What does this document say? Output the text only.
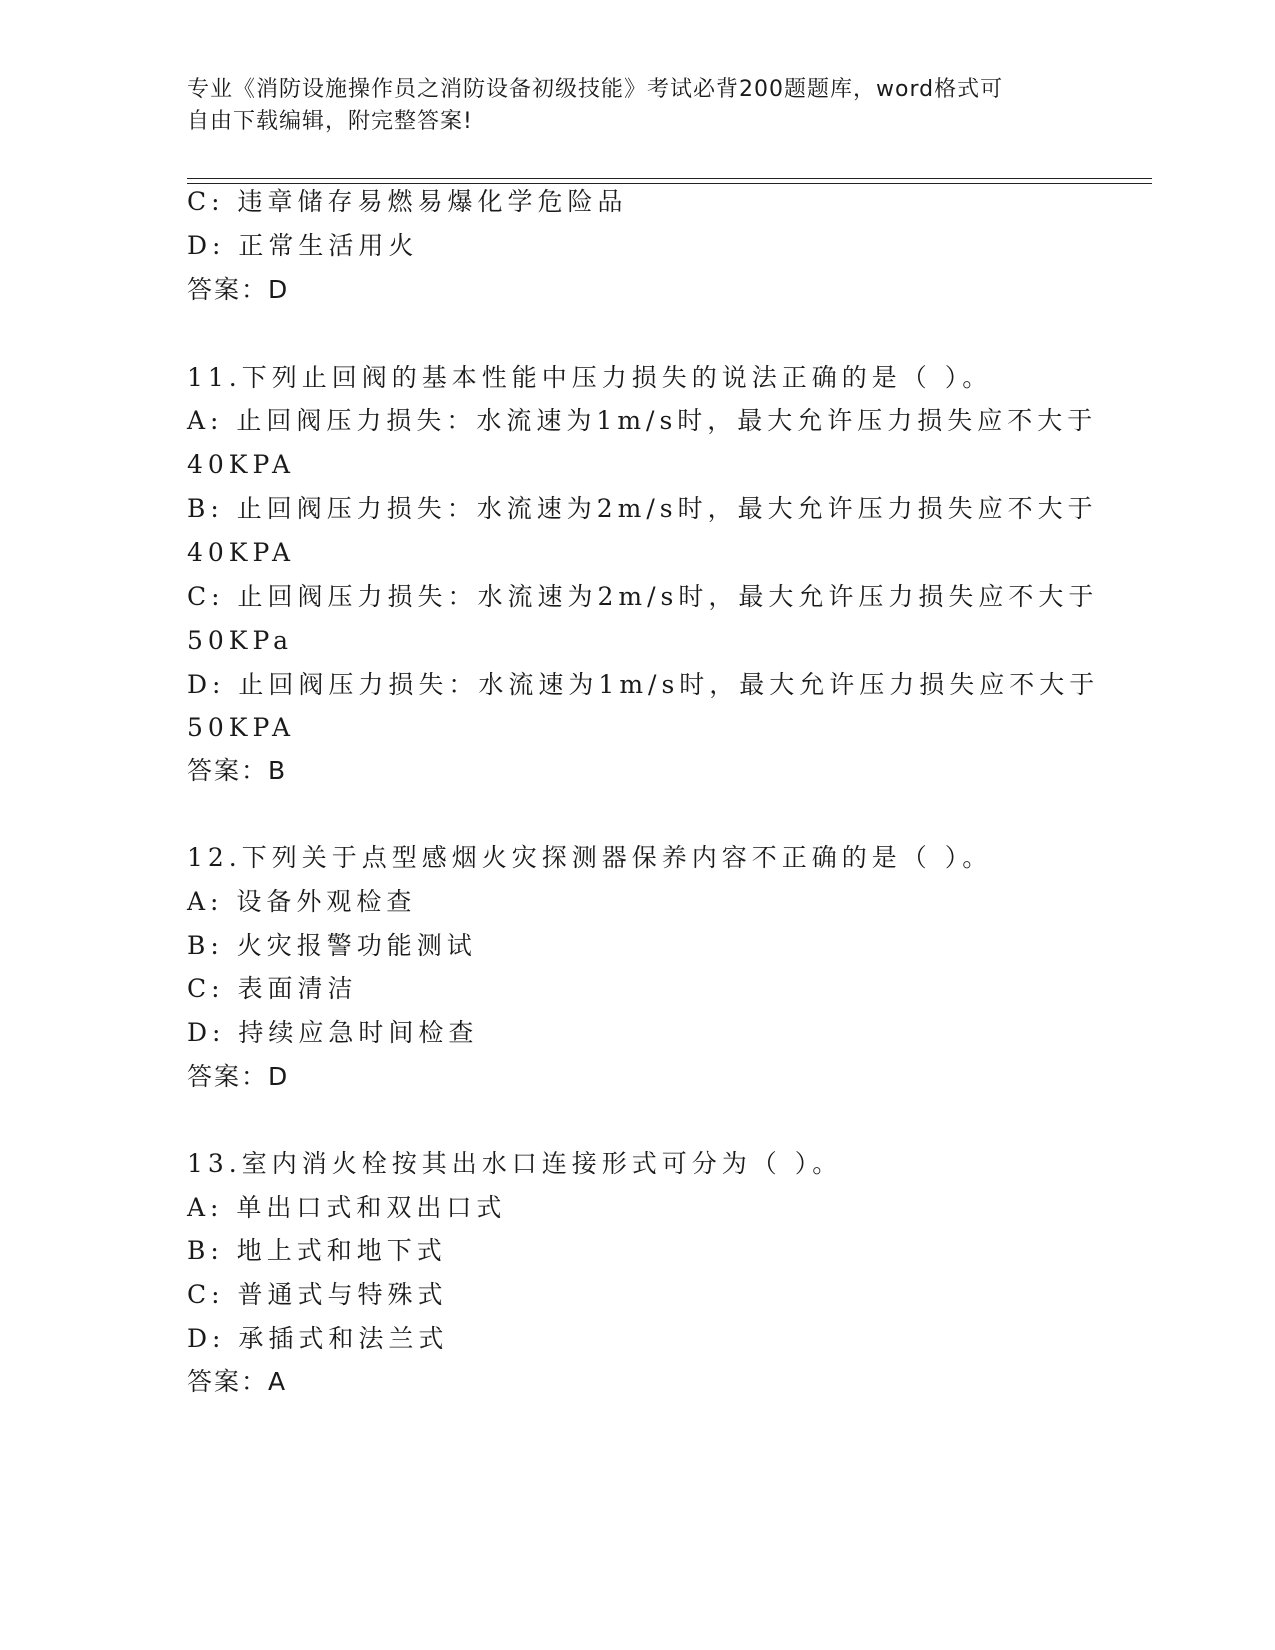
专业《消防设施操作员之消防设备初级技能》考试必背200题题库，word格式可
自由下载编辑，附完整答案!
C: 违章储存易燃易爆化学危险品
D: 正常生活用火
答案：D
11.下列止回阀的基本性能中压力损失的说法正确的是（ ）。
A: 止回阀压力损失：水流速为1m/s时，最大允许压力损失应不大于
40KPA
B: 止回阀压力损失：水流速为2m/s时，最大允许压力损失应不大于
40KPA
C: 止回阀压力损失：水流速为2m/s时，最大允许压力损失应不大于
50KPa
D: 止回阀压力损失：水流速为1m/s时，最大允许压力损失应不大于
50KPA
答案：B
12.下列关于点型感烟火灾探测器保养内容不正确的是（ ）。
A: 设备外观检查
B: 火灾报警功能测试
C: 表面清洁
D: 持续应急时间检查
答案：D
13.室内消火栓按其出水口连接形式可分为（ ）。
A: 单出口式和双出口式
B: 地上式和地下式
C: 普通式与特殊式
D: 承插式和法兰式
答案：A
